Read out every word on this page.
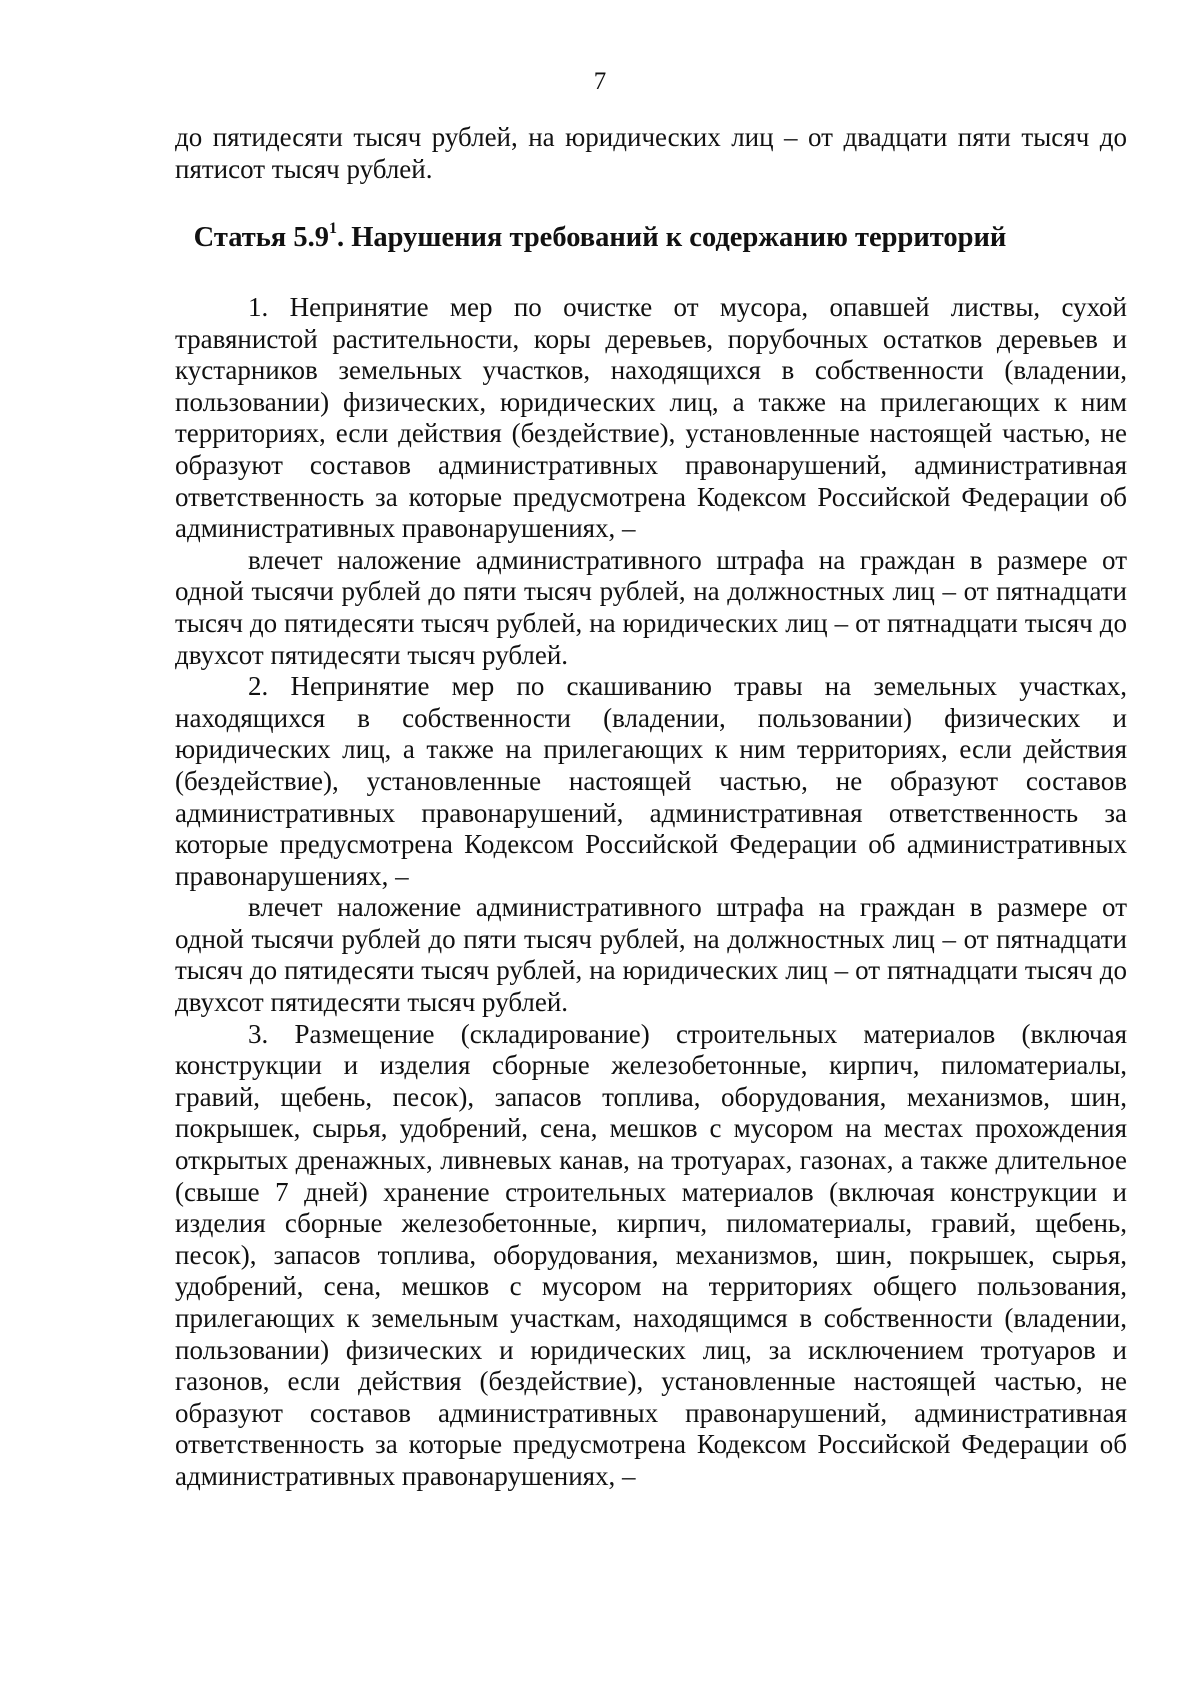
7
до пятидесяти тысяч рублей, на юридических лиц – от двадцати пяти тысяч до пятисот тысяч рублей.
Статья $5.9^1$. Нарушения требований к содержанию территорий

1. Непринятие мер по очистке от мусора, опавшей листвы, сухой травянистой растительности, коры деревьев, порубочных остатков деревьев и кустарников земельных участков, находящихся в собственности (владении, пользовании) физических, юридических лиц, а также на прилегающих к ним территориях, если действия (бездействие), установленные настоящей частью, не образуют составов административных правонарушений, административная ответственность за которые предусмотрена Кодексом Российской Федерации об административных правонарушениях, –

влечет наложение административного штрафа на граждан в размере от одной тысячи рублей до пяти тысяч рублей, на должностных лиц – от пятнадцати тысяч до пятидесяти тысяч рублей, на юридических лиц – от пятнадцати тысяч до двухсот пятидесяти тысяч рублей.

2. Непринятие мер по скашиванию травы на земельных участках, находящихся в собственности (владении, пользовании) физических и юридических лиц, а также на прилегающих к ним территориях, если действия (бездействие), установленные настоящей частью, не образуют составов административных правонарушений, административная ответственность за которые предусмотрена Кодексом Российской Федерации об административных правонарушениях, –

влечет наложение административного штрафа на граждан в размере от одной тысячи рублей до пяти тысяч рублей, на должностных лиц – от пятнадцати тысяч до пятидесяти тысяч рублей, на юридических лиц – от пятнадцати тысяч до двухсот пятидесяти тысяч рублей.

3. Размещение (складирование) строительных материалов (включая конструкции и изделия сборные железобетонные, кирпич, пиломатериалы, гравий, щебень, песок), запасов топлива, оборудования, механизмов, шин, покрышек, сырья, удобрений, сена, мешков с мусором на местах прохождения открытых дренажных, ливневых канав, на тротуарах, газонах, а также длительное (свыше 7 дней) хранение строительных материалов (включая конструкции и изделия сборные железобетонные, кирпич, пиломатериалы, гравий, щебень, песок), запасов топлива, оборудования, механизмов, шин, покрышек, сырья, удобрений, сена, мешков с мусором на территориях общего пользования, прилегающих к земельным участкам, находящимся в собственности (владении, пользовании) физических и юридических лиц, за исключением тротуаров и газонов, если действия (бездействие), установленные настоящей частью, не образуют составов административных правонарушений, административная ответственность за которые предусмотрена Кодексом Российской Федерации об административных правонарушениях, –
